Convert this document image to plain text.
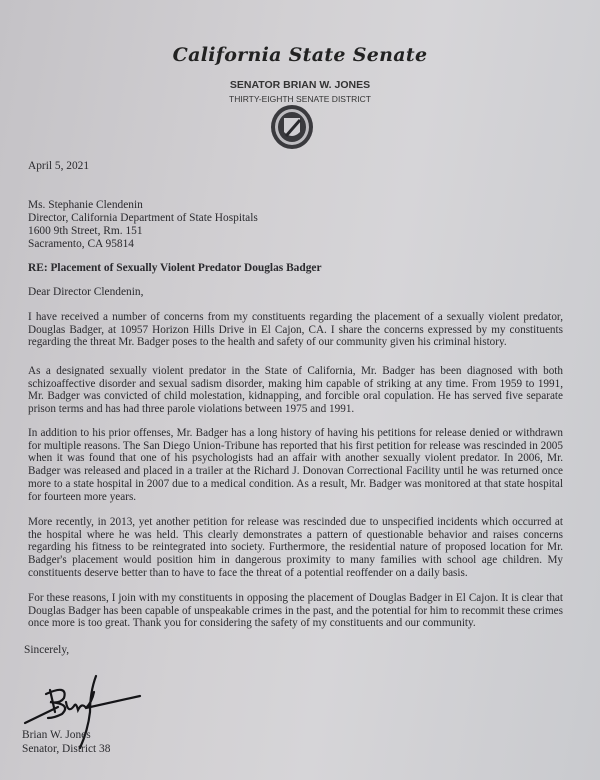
California State Senate
SENATOR BRIAN W. JONES
THIRTY-EIGHTH SENATE DISTRICT
April 5, 2021
Ms. Stephanie Clendenin
Director, California Department of State Hospitals
1600 9th Street, Rm. 151
Sacramento, CA 95814
RE: Placement of Sexually Violent Predator Douglas Badger
Dear Director Clendenin,
I have received a number of concerns from my constituents regarding the placement of a sexually violent predator, Douglas Badger, at 10957 Horizon Hills Drive in El Cajon, CA. I share the concerns expressed by my constituents regarding the threat Mr. Badger poses to the health and safety of our community given his criminal history.
As a designated sexually violent predator in the State of California, Mr. Badger has been diagnosed with both schizoaffective disorder and sexual sadism disorder, making him capable of striking at any time. From 1959 to 1991, Mr. Badger was convicted of child molestation, kidnapping, and forcible oral copulation. He has served five separate prison terms and has had three parole violations between 1975 and 1991.
In addition to his prior offenses, Mr. Badger has a long history of having his petitions for release denied or withdrawn for multiple reasons. The San Diego Union-Tribune has reported that his first petition for release was rescinded in 2005 when it was found that one of his psychologists had an affair with another sexually violent predator. In 2006, Mr. Badger was released and placed in a trailer at the Richard J. Donovan Correctional Facility until he was returned once more to a state hospital in 2007 due to a medical condition. As a result, Mr. Badger was monitored at that state hospital for fourteen more years.
More recently, in 2013, yet another petition for release was rescinded due to unspecified incidents which occurred at the hospital where he was held. This clearly demonstrates a pattern of questionable behavior and raises concerns regarding his fitness to be reintegrated into society. Furthermore, the residential nature of proposed location for Mr. Badger's placement would position him in dangerous proximity to many families with school age children. My constituents deserve better than to have to face the threat of a potential reoffender on a daily basis.
For these reasons, I join with my constituents in opposing the placement of Douglas Badger in El Cajon. It is clear that Douglas Badger has been capable of unspeakable crimes in the past, and the potential for him to recommit these crimes once more is too great. Thank you for considering the safety of my constituents and our community.
Sincerely,
Brian W. Jones
Senator, District 38
